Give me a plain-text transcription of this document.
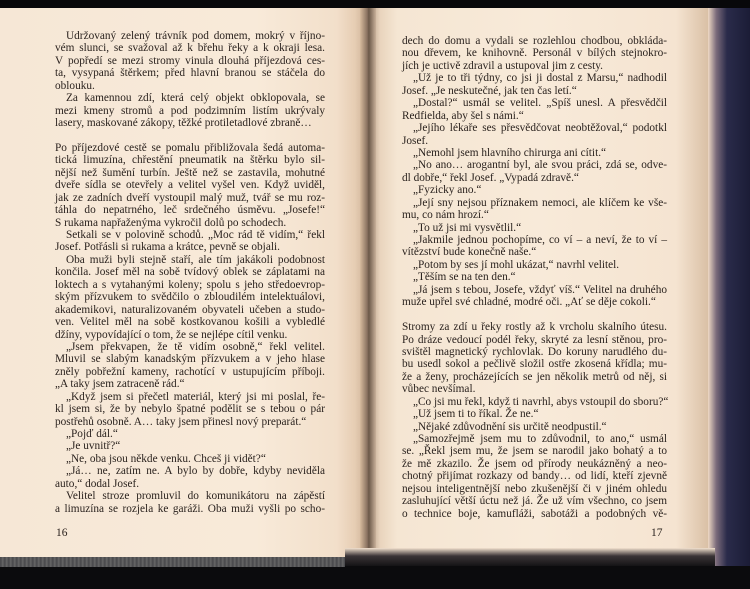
Udržovaný zelený trávník pod domem, mokrý v říjno-
vém slunci, se svažoval až k břehu řeky a k okraji lesa.
V popředí se mezi stromy vinula dlouhá příjezdová ces-
ta, vysypaná štěrkem; před hlavní branou se stáčela do
oblouku.
Za kamennou zdí, která celý objekt obklopovala, se
mezi kmeny stromů a pod podzimním listím ukrývaly
lasery, maskované zákopy, těžké protiletadlové zbraně…
Po příjezdové cestě se pomalu přibližovala šedá automa-
tická limuzína, chřestění pneumatik na štěrku bylo sil-
nější než šumění turbín. Ještě než se zastavila, mohutné
dveře sídla se otevřely a velitel vyšel ven. Když uviděl,
jak ze zadních dveří vystoupil malý muž, tvář se mu roz-
táhla do nepatrného, leč srdečného úsměvu. „Josefe!“
S rukama napřaženýma vykročil dolů po schodech.
Setkali se v polovině schodů. „Moc rád tě vidím,“ řekl
Josef. Potřásli si rukama a krátce, pevně se objali.
Oba muži byli stejně staří, ale tím jakákoli podobnost
končila. Josef měl na sobě tvídový oblek se záplatami na
loktech a s vytahanými koleny; spolu s jeho středoevrop-
ským přízvukem to svědčilo o zbloudilém intelektuálovi,
akademikovi, naturalizovaném obyvateli učeben a studo-
ven. Velitel měl na sobě kostkovanou košili a vybledlé
džíny, vypovídající o tom, že se nejlépe cítil venku.
„Jsem překvapen, že tě vidím osobně,“ řekl velitel.
Mluvil se slabým kanadským přízvukem a v jeho hlase
zněly pobřežní kameny, rachotící v ustupujícím příboji.
„A taky jsem zatraceně rád.“
„Když jsem si přečetl materiál, který jsi mi poslal, ře-
kl jsem si, že by nebylo špatné podělit se s tebou o pár
postřehů osobně. A… taky jsem přinesl nový preparát.“
„Pojď dál.“
„Je uvnitř?“
„Ne, oba jsou někde venku. Chceš ji vidět?“
„Já… ne, zatím ne. A bylo by dobře, kdyby neviděla
auto,“ dodal Josef.
Velitel stroze promluvil do komunikátoru na zápěstí
a limuzína se rozjela ke garáži. Oba muži vyšli po scho-
dech do domu a vydali se rozlehlou chodbou, obkláda-
nou dřevem, ke knihovně. Personál v bílých stejnokro-
jích je uctivě zdravil a ustupoval jim z cesty.
„Už je to tři týdny, co jsi ji dostal z Marsu,“ nadhodil
Josef. „Je neskutečné, jak ten čas letí.“
„Dostal?“ usmál se velitel. „Spíš unesl. A přesvědčil
Redfielda, aby šel s námi.“
„Jejího lékaře ses přesvědčovat neobtěžoval,“ podotkl
Josef.
„Nemohl jsem hlavního chirurga ani cítit.“
„No ano… arogantní byl, ale svou práci, zdá se, odve-
dl dobře,“ řekl Josef. „Vypadá zdravě.“
„Fyzicky ano.“
„Její sny nejsou příznakem nemoci, ale klíčem ke vše-
mu, co nám hrozí.“
„To už jsi mi vysvětlil.“
„Jakmile jednou pochopíme, co ví – a neví, že to ví –
vítězství bude konečně naše.“
„Potom by ses jí mohl ukázat,“ navrhl velitel.
„Těším se na ten den.“
„Já jsem s tebou, Josefe, vždyť víš.“ Velitel na druhého
muže upřel své chladné, modré oči. „Ať se děje cokoli.“
Stromy za zdí u řeky rostly až k vrcholu skalního útesu.
Po dráze vedoucí podél řeky, skryté za lesní stěnou, pro-
svištěl magnetický rychlovlak. Do koruny narudlého du-
bu usedl sokol a pečlivě složil ostře zkosená křídla; mu-
že a ženy, procházejících se jen několik metrů od něj, si
vůbec nevšímal.
„Co jsi mu řekl, když ti navrhl, abys vstoupil do sboru?“
„Už jsem ti to říkal. Že ne.“
„Nějaké zdůvodnění sis určitě neodpustil.“
„Samozřejmě jsem mu to zdůvodnil, to ano,“ usmál
se. „Řekl jsem mu, že jsem se narodil jako bohatý a to
že mě zkazilo. Že jsem od přírody neukázněný a neo-
chotný přijímat rozkazy od bandy… od lidí, kteří zjevně
nejsou inteligentnější nebo zkušenější či v jiném ohledu
zasluhující větší úctu než já. Že už vím všechno, co jsem
o technice boje, kamufláži, sabotáži a podobných vě-
16	17
